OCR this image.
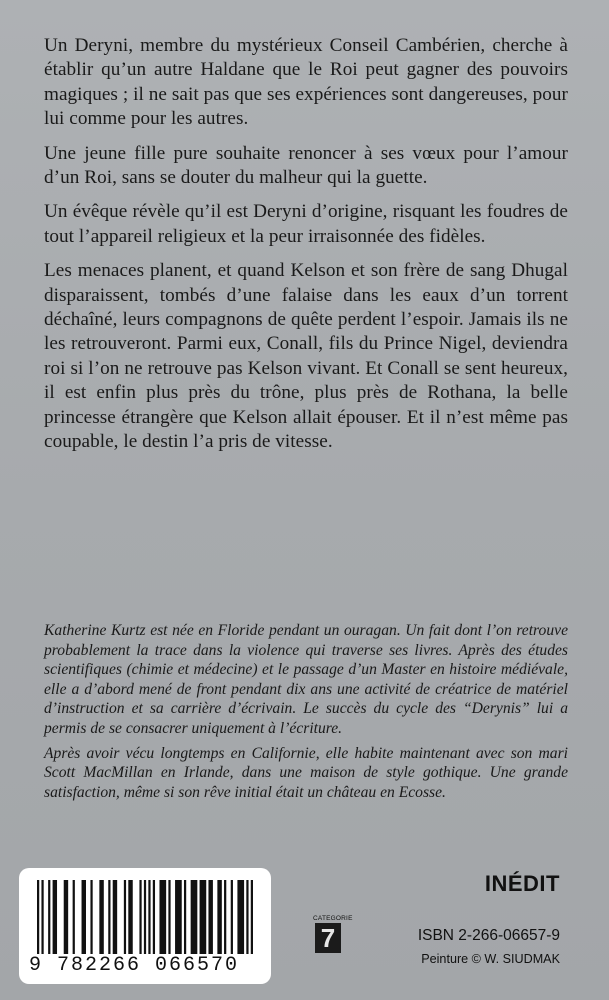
Un Deryni, membre du mystérieux Conseil Cambérien, cherche à établir qu’un autre Haldane que le Roi peut gagner des pouvoirs magiques ; il ne sait pas que ses expériences sont dangereuses, pour lui comme pour les autres.

Une jeune fille pure souhaite renoncer à ses vœux pour l’amour d’un Roi, sans se douter du malheur qui la guette.

Un évêque révèle qu’il est Deryni d’origine, risquant les foudres de tout l’appareil religieux et la peur irraisonnée des fidèles.

Les menaces planent, et quand Kelson et son frère de sang Dhugal disparaissent, tombés d’une falaise dans les eaux d’un torrent déchaîné, leurs compagnons de quête perdent l’espoir. Jamais ils ne les retrouveront. Parmi eux, Conall, fils du Prince Nigel, deviendra roi si l’on ne retrouve pas Kelson vivant. Et Conall se sent heureux, il est enfin plus près du trône, plus près de Rothana, la belle princesse étrangère que Kelson allait épouser. Et il n’est même pas coupable, le destin l’a pris de vitesse.

Katherine Kurtz est née en Floride pendant un ouragan. Un fait dont l’on retrouve probablement la trace dans la violence qui traverse ses livres. Après des études scientifiques (chimie et médecine) et le passage d’un Master en histoire médiévale, elle a d’abord mené de front pendant dix ans une activité de créatrice de matériel d’instruction et sa carrière d’écrivain. Le succès du cycle des “Derynis” lui a permis de se consacrer uniquement à l’écriture.

Après avoir vécu longtemps en Californie, elle habite maintenant avec son mari Scott MacMillan en Irlande, dans une maison de style gothique. Une grande satisfaction, même si son rêve initial était un château en Ecosse.

9 782266 066570
INÉDIT
CATEGORIE
7	ISBN 2-266-06657-9
Peinture © W. SIUDMAK
